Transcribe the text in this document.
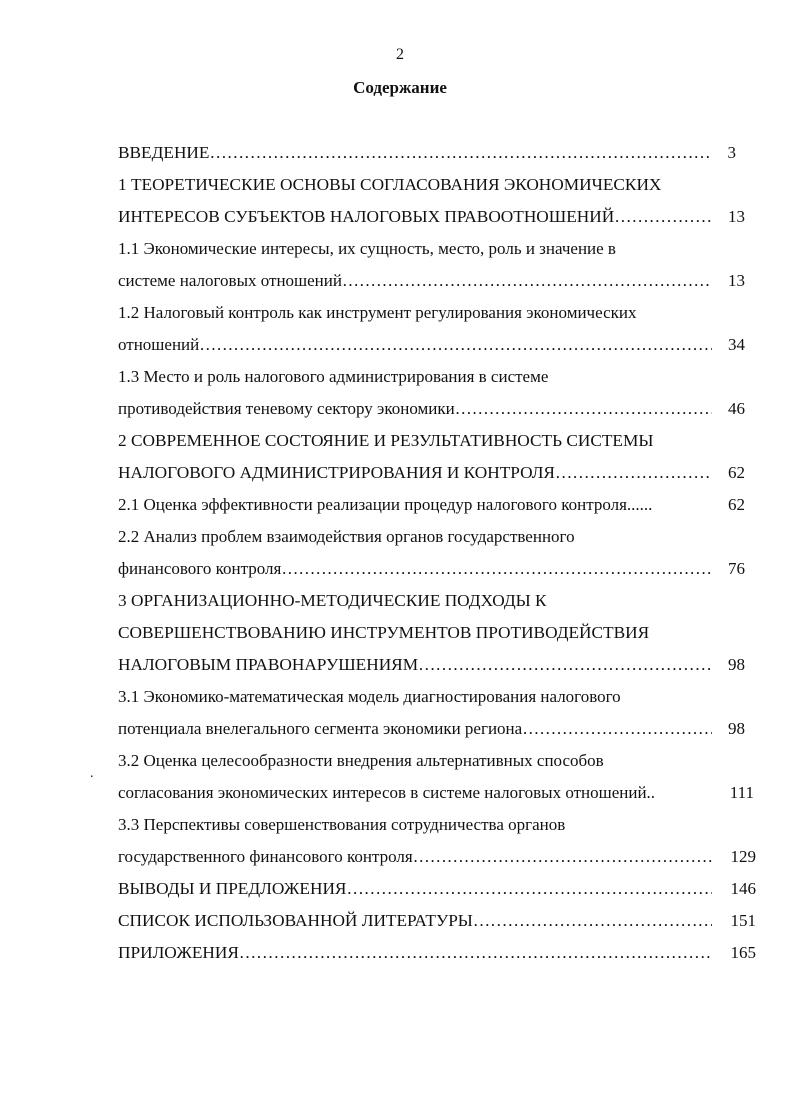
2
Содержание
.
ВВЕДЕНИЕ ……………………………………………………………………………………………………………………………………………………………	3
1 ТЕОРЕТИЧЕСКИЕ ОСНОВЫ СОГЛАСОВАНИЯ ЭКОНОМИЧЕСКИХ
ИНТЕРЕСОВ СУБЪЕКТОВ НАЛОГОВЫХ ПРАВООТНОШЕНИЙ ……………………………………………………………………………………………………………………………………………………………	13
1.1 Экономические интересы, их сущность, место, роль и значение в
системе налоговых отношений ……………………………………………………………………………………………………………………………………………………………	13
1.2 Налоговый контроль как инструмент регулирования экономических
отношений ……………………………………………………………………………………………………………………………………………………………	34
1.3 Место и роль налогового администрирования в системе
противодействия теневому сектору экономики ……………………………………………………………………………………………………………………………………………………………	46
2 СОВРЕМЕННОЕ СОСТОЯНИЕ И РЕЗУЛЬТАТИВНОСТЬ СИСТЕМЫ
НАЛОГОВОГО АДМИНИСТРИРОВАНИЯ И КОНТРОЛЯ ……………………………………………………………………………………………………………………………………………………………	62
2.1 Оценка эффективности реализации процедур налогового контроля......	62
2.2 Анализ проблем взаимодействия органов государственного
финансового контроля ……………………………………………………………………………………………………………………………………………………………	76
3 ОРГАНИЗАЦИОННО-МЕТОДИЧЕСКИЕ ПОДХОДЫ К
СОВЕРШЕНСТВОВАНИЮ ИНСТРУМЕНТОВ ПРОТИВОДЕЙСТВИЯ
НАЛОГОВЫМ ПРАВОНАРУШЕНИЯМ ……………………………………………………………………………………………………………………………………………………………	98
3.1 Экономико-математическая модель диагностирования налогового
потенциала внелегального сегмента экономики региона ……………………………………………………………………………………………………………………………………………………………	98
3.2 Оценка целесообразности внедрения альтернативных способов
согласования экономических интересов в системе налоговых отношений..	111
3.3 Перспективы совершенствования сотрудничества органов
государственного финансового контроля ……………………………………………………………………………………………………………………………………………………………	129
ВЫВОДЫ И ПРЕДЛОЖЕНИЯ ……………………………………………………………………………………………………………………………………………………………	146
СПИСОК ИСПОЛЬЗОВАННОЙ ЛИТЕРАТУРЫ ……………………………………………………………………………………………………………………………………………………………	151
ПРИЛОЖЕНИЯ ……………………………………………………………………………………………………………………………………………………………	165
